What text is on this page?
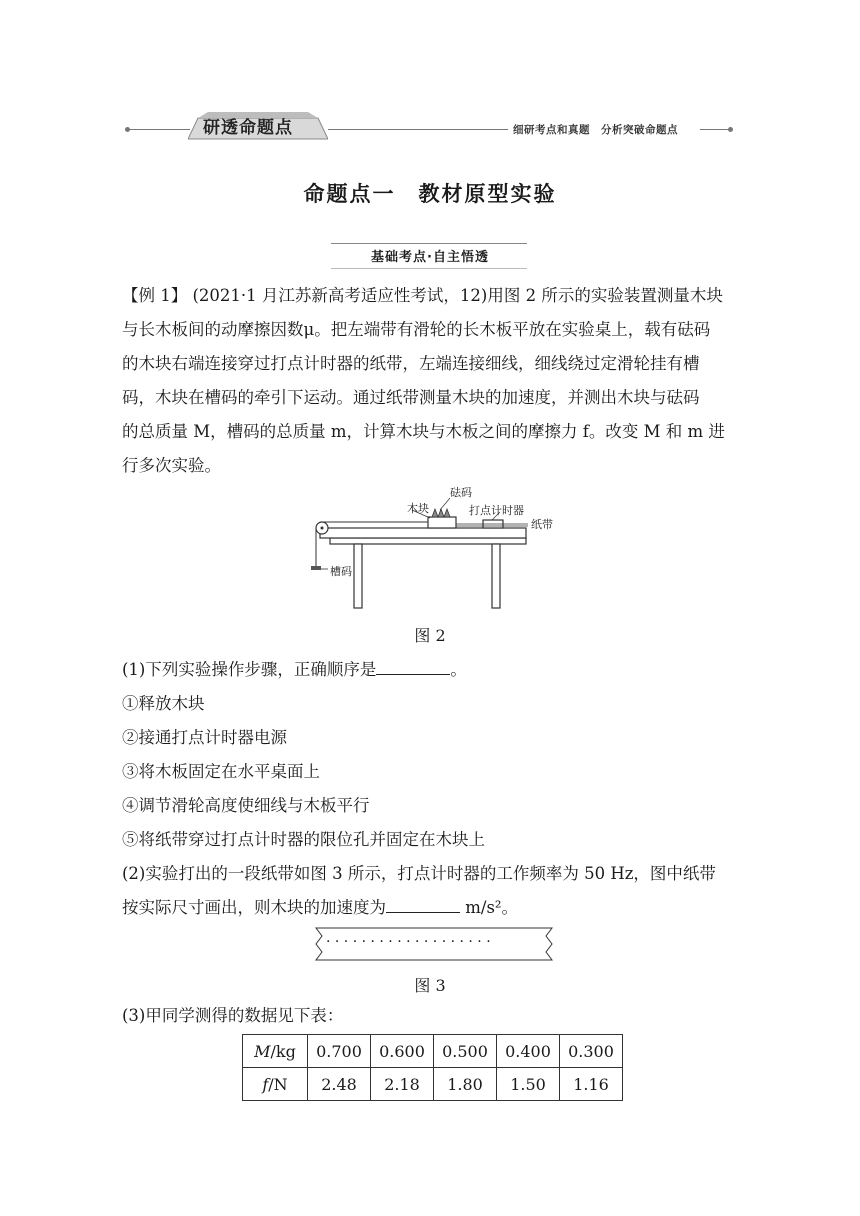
研透命题点	细研考点和真题　分析突破命题点
命题点一　教材原型实验
基础考点·自主悟透
【例 1】 (2021·1 月江苏新高考适应性考试，12)用图 2 所示的实验装置测量木块
与长木板间的动摩擦因数μ。把左端带有滑轮的长木板平放在实验桌上，载有砝码
的木块右端连接穿过打点计时器的纸带，左端连接细线，细线绕过定滑轮挂有槽
码，木块在槽码的牵引下运动。通过纸带测量木块的加速度，并测出木块与砝码
的总质量 M，槽码的总质量 m，计算木块与木板之间的摩擦力 f。改变 M 和 m 进
行多次实验。
砝码
木块	打点计时器
纸带
槽码
图 2
(1)下列实验操作步骤，正确顺序是	。
①释放木块
②接通打点计时器电源
③将木板固定在水平桌面上
④调节滑轮高度使细线与木板平行
⑤将纸带穿过打点计时器的限位孔并固定在木块上
(2)实验打出的一段纸带如图 3 所示，打点计时器的工作频率为 50 Hz，图中纸带
按实际尺寸画出，则木块的加速度为	m/s²。
· · · · · · · · · · · · · · · · · · ·
图 3
(3)甲同学测得的数据见下表：
M/kg	0.700	0.600	0.500	0.400	0.300
f/N	2.48	2.18	1.80	1.50	1.16
